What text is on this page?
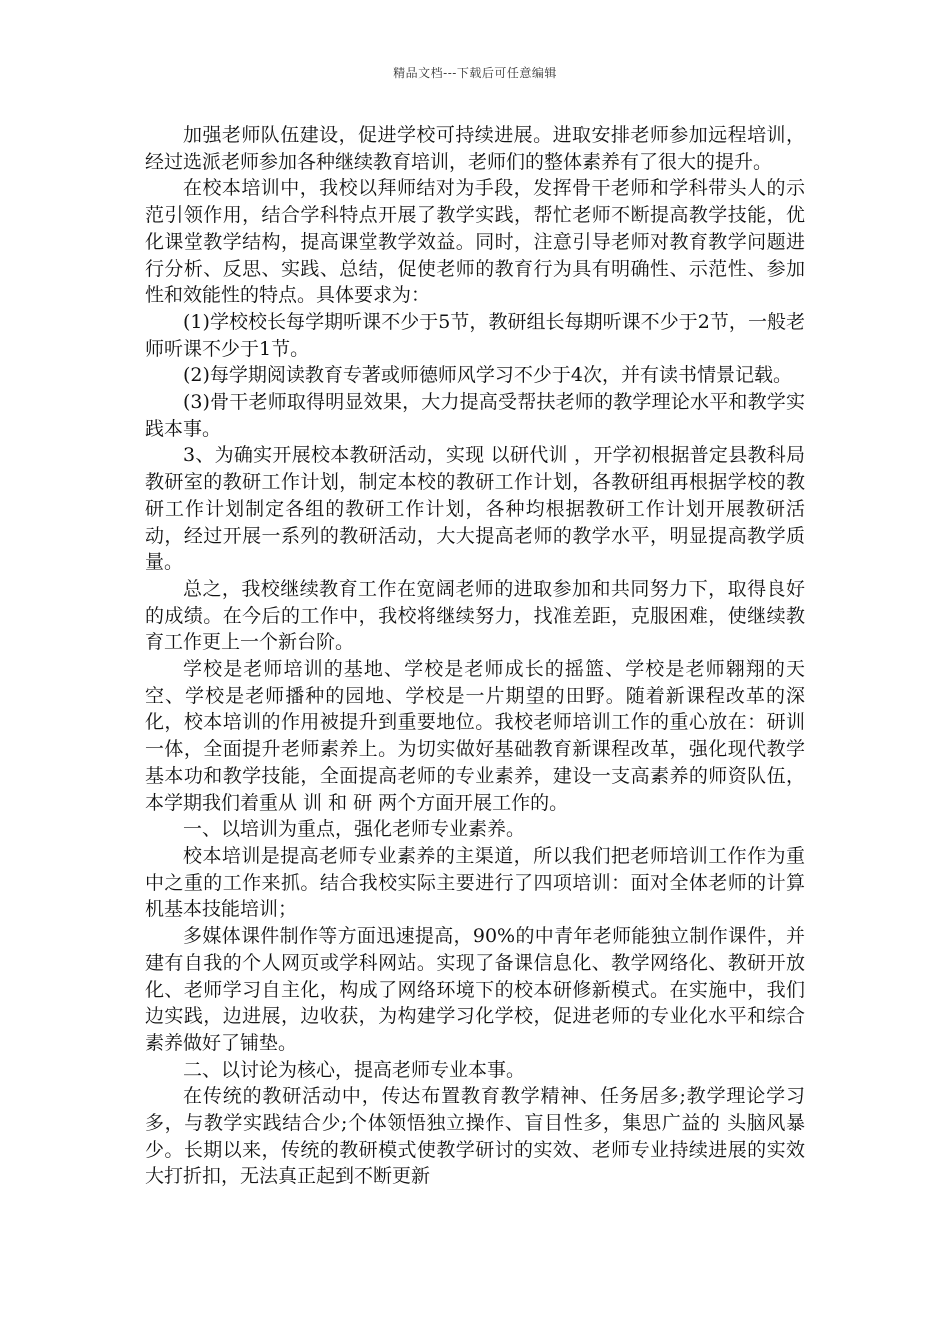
精品文档---下载后可任意编辑

加强老师队伍建设，促进学校可持续进展。进取安排老师参加远程培训，经过选派老师参加各种继续教育培训，老师们的整体素养有了很大的提升。

在校本培训中，我校以拜师结对为手段，发挥骨干老师和学科带头人的示范引领作用，结合学科特点开展了教学实践，帮忙老师不断提高教学技能，优化课堂教学结构，提高课堂教学效益。同时，注意引导老师对教育教学问题进行分析、反思、实践、总结，促使老师的教育行为具有明确性、示范性、参加性和效能性的特点。具体要求为：

(1)学校校长每学期听课不少于5节，教研组长每期听课不少于2节，一般老师听课不少于1节。

(2)每学期阅读教育专著或师德师风学习不少于4次，并有读书情景记载。

(3)骨干老师取得明显效果，大力提高受帮扶老师的教学理论水平和教学实践本事。

3、为确实开展校本教研活动，实现 以研代训 ，开学初根据普定县教科局教研室的教研工作计划，制定本校的教研工作计划，各教研组再根据学校的教研工作计划制定各组的教研工作计划，各种均根据教研工作计划开展教研活动，经过开展一系列的教研活动，大大提高老师的教学水平，明显提高教学质量。

总之，我校继续教育工作在宽阔老师的进取参加和共同努力下，取得良好的成绩。在今后的工作中，我校将继续努力，找准差距，克服困难，使继续教育工作更上一个新台阶。

学校是老师培训的基地、学校是老师成长的摇篮、学校是老师翱翔的天空、学校是老师播种的园地、学校是一片期望的田野。随着新课程改革的深化，校本培训的作用被提升到重要地位。我校老师培训工作的重心放在：研训一体，全面提升老师素养上。为切实做好基础教育新课程改革，强化现代教学基本功和教学技能，全面提高老师的专业素养，建设一支高素养的师资队伍，本学期我们着重从 训 和 研 两个方面开展工作的。

一、以培训为重点，强化老师专业素养。

校本培训是提高老师专业素养的主渠道，所以我们把老师培训工作作为重中之重的工作来抓。结合我校实际主要进行了四项培训：面对全体老师的计算机基本技能培训；

多媒体课件制作等方面迅速提高，90%的中青年老师能独立制作课件，并建有自我的个人网页或学科网站。实现了备课信息化、教学网络化、教研开放化、老师学习自主化，构成了网络环境下的校本研修新模式。在实施中，我们边实践，边进展，边收获，为构建学习化学校，促进老师的专业化水平和综合素养做好了铺垫。

二、以讨论为核心，提高老师专业本事。

在传统的教研活动中，传达布置教育教学精神、任务居多;教学理论学习多，与教学实践结合少;个体领悟独立操作、盲目性多，集思广益的 头脑风暴 少。长期以来，传统的教研模式使教学研讨的实效、老师专业持续进展的实效大打折扣，无法真正起到不断更新
